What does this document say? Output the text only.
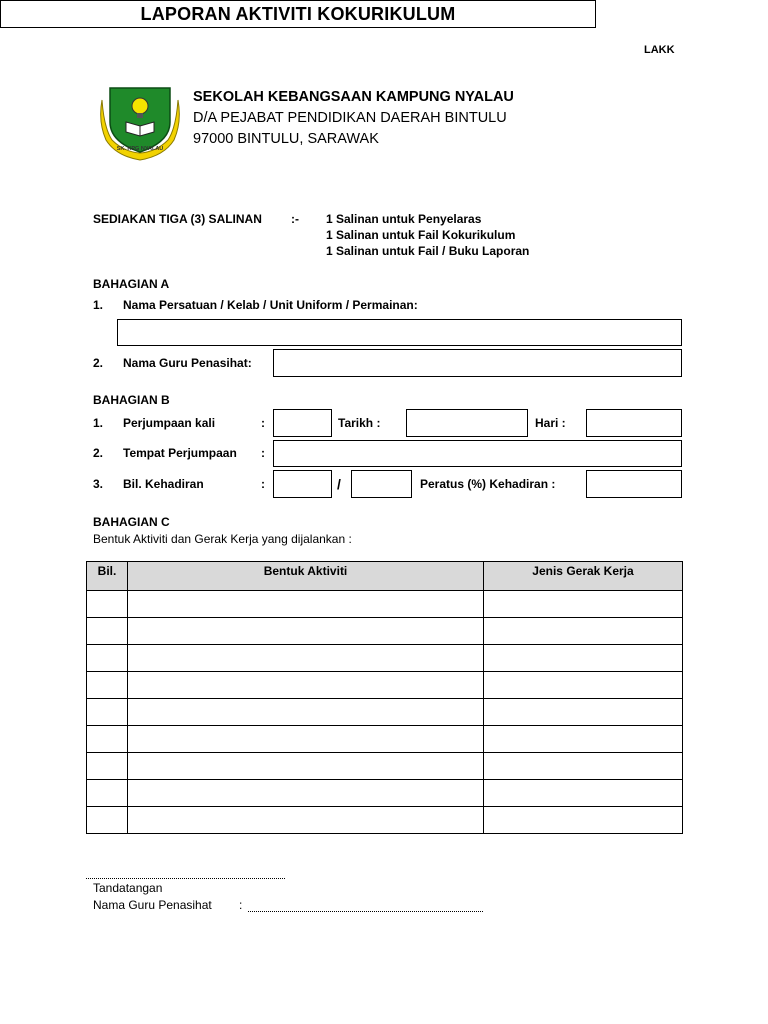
LAKK
SK. KPG NYALAU
SEKOLAH KEBANGSAAN KAMPUNG NYALAU
D/A PEJABAT PENDIDIKAN DAERAH BINTULU
97000 BINTULU, SARAWAK
LAPORAN AKTIVITI KOKURIKULUM
SEDIAKAN TIGA (3) SALINAN :- 1 Salinan untuk Penyelaras
1 Salinan untuk Fail Kokurikulum
1 Salinan untuk Fail / Buku Laporan
BAHAGIAN A
1. Nama Persatuan / Kelab / Unit Uniform / Permainan:
2. Nama Guru Penasihat:
BAHAGIAN B
1. Perjumpaan kali	:	Tarikh :	Hari :
2. Tempat Perjumpaan :
3. Bil. Kehadiran	:	/	Peratus (%) Kehadiran :
BAHAGIAN C
Bentuk Aktiviti dan Gerak Kerja yang dijalankan :
Bil.	Bentuk Aktiviti	Jenis Gerak Kerja

Tandatangan
Nama Guru Penasihat :
